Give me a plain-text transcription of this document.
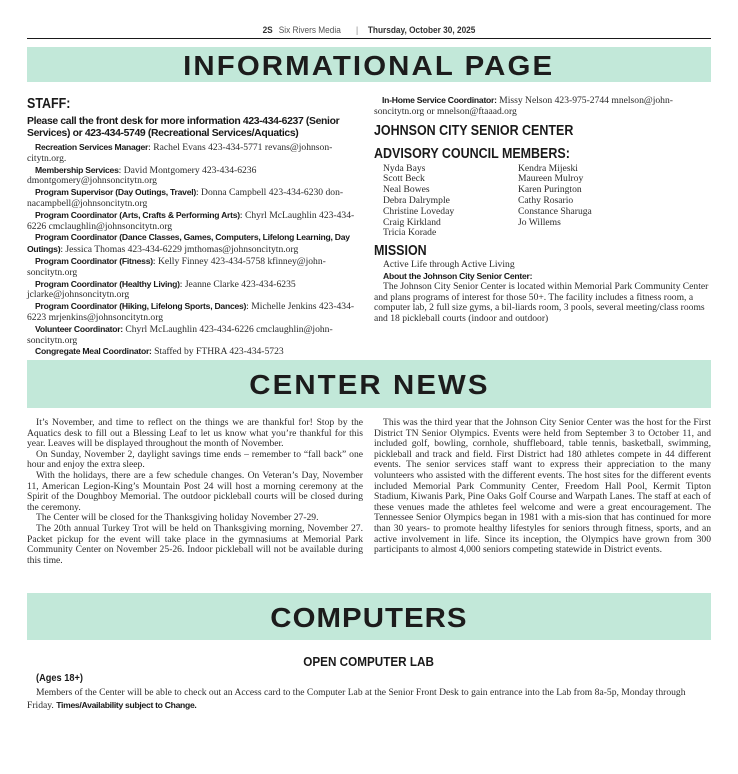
2S Six Rivers Media | Thursday, October 30, 2025
INFORMATIONAL PAGE
STAFF:
Please call the front desk for more information 423-434-6237 (Senior Services) or 423-434-5749 (Recreational Services/Aquatics)

Recreation Services Manager: Rachel Evans 423-434-5771 revans@johnson-citytn.org.

Membership Services: David Montgomery 423-434-6236 dmontgomery@johnsoncitytn.org

Program Supervisor (Day Outings, Travel): Donna Campbell 423-434-6230 don-nacampbell@johnsoncitytn.org

Program Coordinator (Arts, Crafts & Performing Arts): Chyrl McLaughlin 423-434-6226 cmclaughlin@johnsoncitytn.org

Program Coordinator (Dance Classes, Games, Computers, Lifelong Learning, Day Outings): Jessica Thomas 423-434-6229 jmthomas@johnsoncitytn.org

Program Coordinator (Fitness): Kelly Finney 423-434-5758 kfinney@john-soncitytn.org

Program Coordinator (Healthy Living): Jeanne Clarke 423-434-6235 jclarke@johnsoncitytn.org

Program Coordinator (Hiking, Lifelong Sports, Dances): Michelle Jenkins 423-434-6223 mrjenkins@johnsoncitytn.org

Volunteer Coordinator: Chyrl McLaughlin 423-434-6226 cmclaughlin@john-soncitytn.org

Congregate Meal Coordinator: Staffed by FTHRA 423-434-5723

In-Home Service Coordinator: Missy Nelson 423-975-2744 mnelson@john-soncitytn.org or mnelson@ftaaad.org

JOHNSON CITY SENIOR CENTER
ADVISORY COUNCIL MEMBERS:
Nyda Bays	Kendra Mijeski
Scott Beck	Maureen Mulroy
Neal Bowes	Karen Purington
Debra Dalrymple	Cathy Rosario
Christine Loveday	Constance Sharuga
Craig Kirkland	Jo Willems
Tricia Korade
MISSION

Active Life through Active Living

About the Johnson City Senior Center:

The Johnson City Senior Center is located within Memorial Park Community Center and plans programs of interest for those 50+. The facility includes a fitness room, a computer lab, 2 full size gyms, a bil-liards room, 3 pools, several meeting/class rooms and 18 pickleball courts (indoor and outdoor)

CENTER NEWS

It’s November, and time to reflect on the things we are thankful for! Stop by the Aquatics desk to fill out a Blessing Leaf to let us know what you’re thankful for this year. Leaves will be displayed throughout the month of November.

On Sunday, November 2, daylight savings time ends – remember to “fall back” one hour and enjoy the extra sleep.

With the holidays, there are a few schedule changes. On Veteran’s Day, November 11, American Legion-King’s Mountain Post 24 will host a morning ceremony at the Spirit of the Doughboy Memorial. The outdoor pickleball courts will be closed during the ceremony.

The Center will be closed for the Thanksgiving holiday November 27-29.

The 20th annual Turkey Trot will be held on Thanksgiving morning, November 27. Packet pickup for the event will take place in the gymnasiums at Memorial Park Community Center on November 25-26. Indoor pickleball will not be available during this time.

This was the third year that the Johnson City Senior Center was the host for the First District TN Senior Olympics. Events were held from September 3 to October 11, and included golf, bowling, cornhole, shuffleboard, table tennis, basketball, swimming, pickleball and track and field. First District had 180 athletes compete in 44 different events. The senior services staff want to express their appreciation to the many volunteers who assisted with the different events. The host sites for the different events included Memorial Park Community Center, Freedom Hall Pool, Kermit Tipton Stadium, Kiwanis Park, Pine Oaks Golf Course and Warpath Lanes. The staff at each of these venues made the athletes feel welcome and were a great encouragement. The Tennessee Senior Olympics began in 1981 with a mis-sion that has continued for more than 30 years- to promote healthy lifestyles for seniors through fitness, sports, and an active involvement in life. Since its inception, the Olympics have grown from 300 participants to almost 4,000 seniors competing statewide in District events.

COMPUTERS
OPEN COMPUTER LAB
(Ages 18+)
Members of the Center will be able to check out an Access card to the Computer Lab at the Senior Front Desk to gain entrance into the Lab from 8a-5p, Monday through Friday. Times/Availability subject to Change.
